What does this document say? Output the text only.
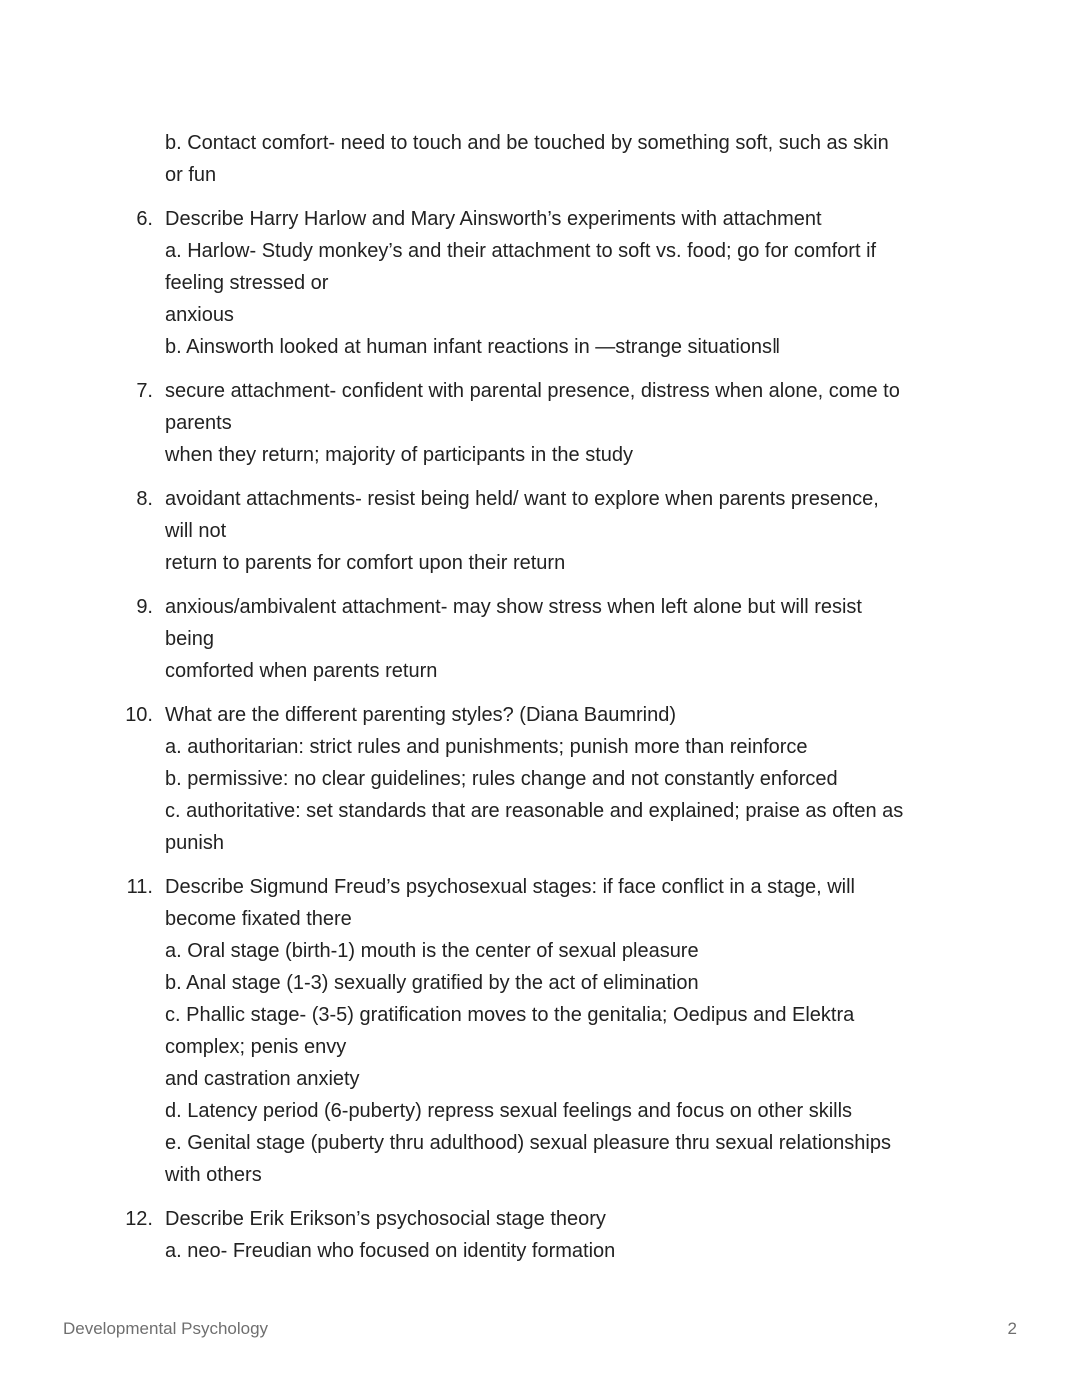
b. Contact comfort- need to touch and be touched by something soft, such as skin
or fun
6. Describe Harry Harlow and Mary Ainsworth’s experiments with attachment
a. Harlow- Study monkey’s and their attachment to soft vs. food; go for comfort if
feeling stressed or
anxious
b. Ainsworth looked at human infant reactions in ―strange situations‖
7. secure attachment- confident with parental presence, distress when alone, come to
parents
when they return; majority of participants in the study
8. avoidant attachments- resist being held/ want to explore when parents presence,
will not
return to parents for comfort upon their return
9. anxious/ambivalent attachment- may show stress when left alone but will resist
being
comforted when parents return
10. What are the different parenting styles? (Diana Baumrind)
a. authoritarian: strict rules and punishments; punish more than reinforce
b. permissive: no clear guidelines; rules change and not constantly enforced
c. authoritative: set standards that are reasonable and explained; praise as often as
punish
11. Describe Sigmund Freud’s psychosexual stages: if face conflict in a stage, will
become fixated there
a. Oral stage (birth-1) mouth is the center of sexual pleasure
b. Anal stage (1-3) sexually gratified by the act of elimination
c. Phallic stage- (3-5) gratification moves to the genitalia; Oedipus and Elektra
complex; penis envy
and castration anxiety
d. Latency period (6-puberty) repress sexual feelings and focus on other skills
e. Genital stage (puberty thru adulthood) sexual pleasure thru sexual relationships
with others
12. Describe Erik Erikson’s psychosocial stage theory
a. neo- Freudian who focused on identity formation
Developmental Psychology	2
